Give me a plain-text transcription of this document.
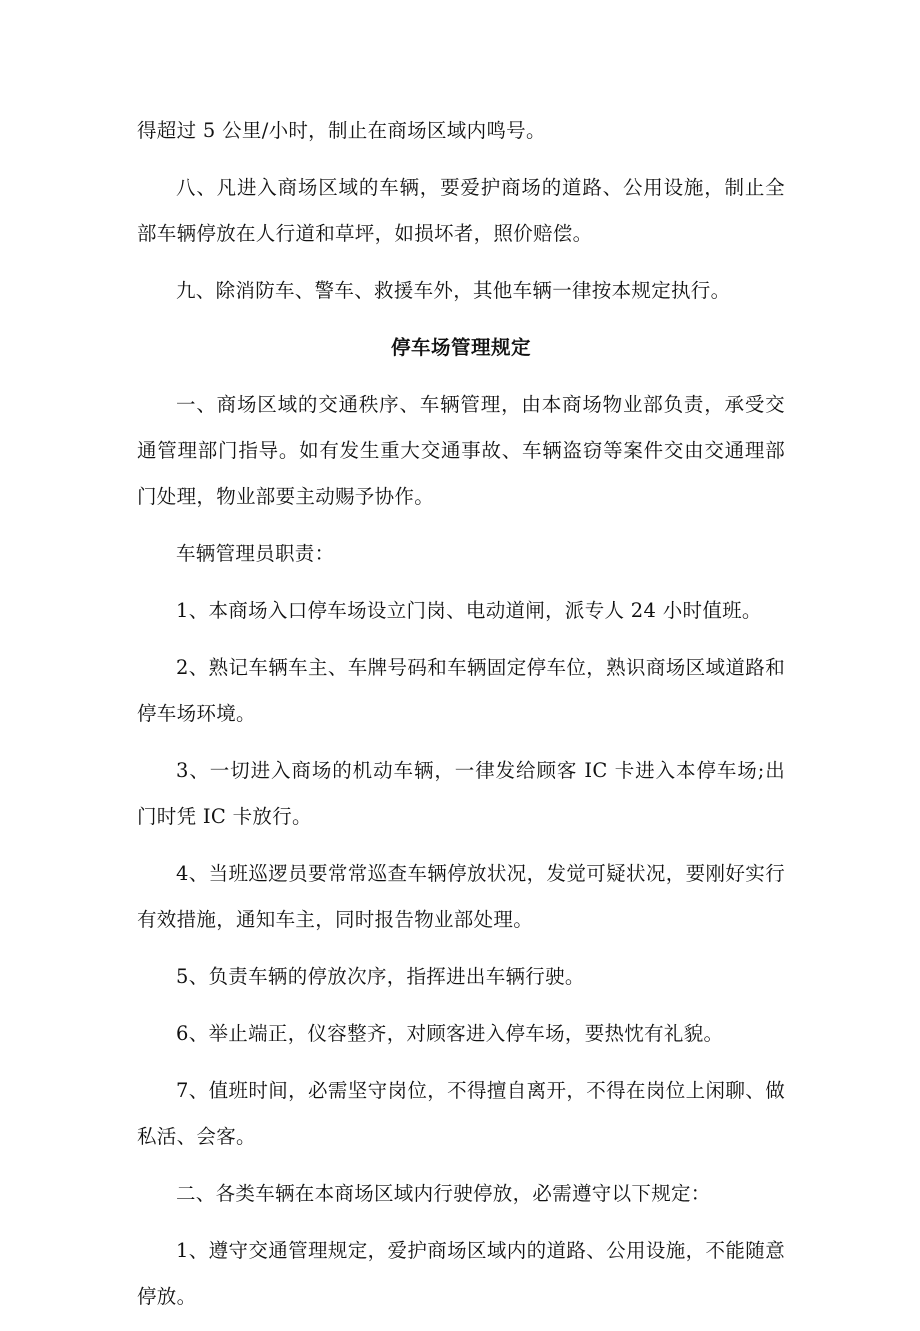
得超过 5 公里/小时，制止在商场区域内鸣号。

八、凡进入商场区域的车辆，要爱护商场的道路、公用设施，制止全部车辆停放在人行道和草坪，如损坏者，照价赔偿。

九、除消防车、警车、救援车外，其他车辆一律按本规定执行。

停车场管理规定

一、商场区域的交通秩序、车辆管理，由本商场物业部负责，承受交通管理部门指导。如有发生重大交通事故、车辆盗窃等案件交由交通理部门处理，物业部要主动赐予协作。

车辆管理员职责：

1、本商场入口停车场设立门岗、电动道闸，派专人 24 小时值班。

2、熟记车辆车主、车牌号码和车辆固定停车位，熟识商场区域道路和停车场环境。

3、一切进入商场的机动车辆，一律发给顾客 IC 卡进入本停车场;出门时凭 IC 卡放行。

4、当班巡逻员要常常巡查车辆停放状况，发觉可疑状况，要刚好实行有效措施，通知车主，同时报告物业部处理。

5、负责车辆的停放次序，指挥进出车辆行驶。

6、举止端正，仪容整齐，对顾客进入停车场，要热忱有礼貌。

7、值班时间，必需坚守岗位，不得擅自离开，不得在岗位上闲聊、做私活、会客。

二、各类车辆在本商场区域内行驶停放，必需遵守以下规定：

1、遵守交通管理规定，爱护商场区域内的道路、公用设施，不能随意停放。
